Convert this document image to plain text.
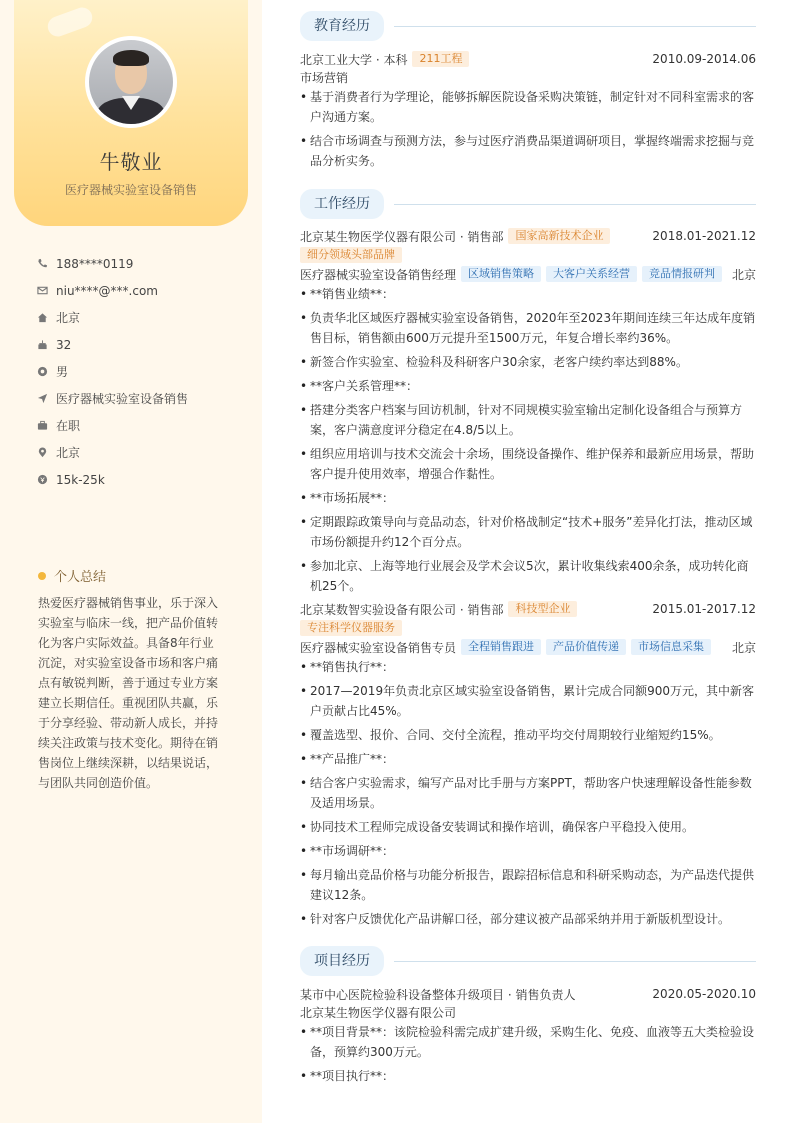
牛敬业
医疗器械实验室设备销售
188****0119
niu****@***.com
北京
32
男
医疗器械实验室设备销售
在职
北京
15k-25k
个人总结
热爱医疗器械销售事业，乐于深入实验室与临床一线，把产品价值转化为客户实际效益。具备8年行业沉淀，对实验室设备市场和客户痛点有敏锐判断，善于通过专业方案建立长期信任。重视团队共赢，乐于分享经验、带动新人成长，并持续关注政策与技术变化。期待在销售岗位上继续深耕，以结果说话，与团队共同创造价值。
教育经历
北京工业大学 · 本科	211工程	2010.09-2014.06
市场营销
• 基于消费者行为学理论，能够拆解医院设备采购决策链，制定针对不同科室需求的客户沟通方案。
• 结合市场调查与预测方法，参与过医疗消费品渠道调研项目，掌握终端需求挖掘与竞品分析实务。
工作经历
北京某生物医学仪器有限公司 · 销售部	国家高新技术企业	2018.01-2021.12
细分领域头部品牌
医疗器械实验室设备销售经理	区域销售策略	大客户关系经营	竞品情报研判	北京
• **销售业绩**：
• 负责华北区域医疗器械实验室设备销售，2020年至2023年期间连续三年达成年度销售目标，销售额由600万元提升至1500万元，年复合增长率约36%。
• 新签合作实验室、检验科及科研客户30余家，老客户续约率达到88%。
• **客户关系管理**：
• 搭建分类客户档案与回访机制，针对不同规模实验室输出定制化设备组合与预算方案，客户满意度评分稳定在4.8/5以上。
• 组织应用培训与技术交流会十余场，围绕设备操作、维护保养和最新应用场景，帮助客户提升使用效率，增强合作黏性。
• **市场拓展**：
• 定期跟踪政策导向与竞品动态，针对价格战制定“技术+服务”差异化打法，推动区域市场份额提升约12个百分点。
• 参加北京、上海等地行业展会及学术会议5次，累计收集线索400余条，成功转化商机25个。
北京某数智实验设备有限公司 · 销售部	科技型企业	2015.01-2017.12
专注科学仪器服务
医疗器械实验室设备销售专员	全程销售跟进	产品价值传递	市场信息采集	北京
• **销售执行**：
• 2017—2019年负责北京区域实验室设备销售，累计完成合同额900万元，其中新客户贡献占比45%。
• 覆盖选型、报价、合同、交付全流程，推动平均交付周期较行业缩短约15%。
• **产品推广**：
• 结合客户实验需求，编写产品对比手册与方案PPT，帮助客户快速理解设备性能参数及适用场景。
• 协同技术工程师完成设备安装调试和操作培训，确保客户平稳投入使用。
• **市场调研**：
• 每月输出竞品价格与功能分析报告，跟踪招标信息和科研采购动态，为产品迭代提供建议12条。
• 针对客户反馈优化产品讲解口径，部分建议被产品部采纳并用于新版机型设计。
项目经历
某市中心医院检验科设备整体升级项目 · 销售负责人	2020.05-2020.10
北京某生物医学仪器有限公司
• **项目背景**：该院检验科需完成扩建升级，采购生化、免疫、血液等五大类检验设备，预算约300万元。
• **项目执行**：
